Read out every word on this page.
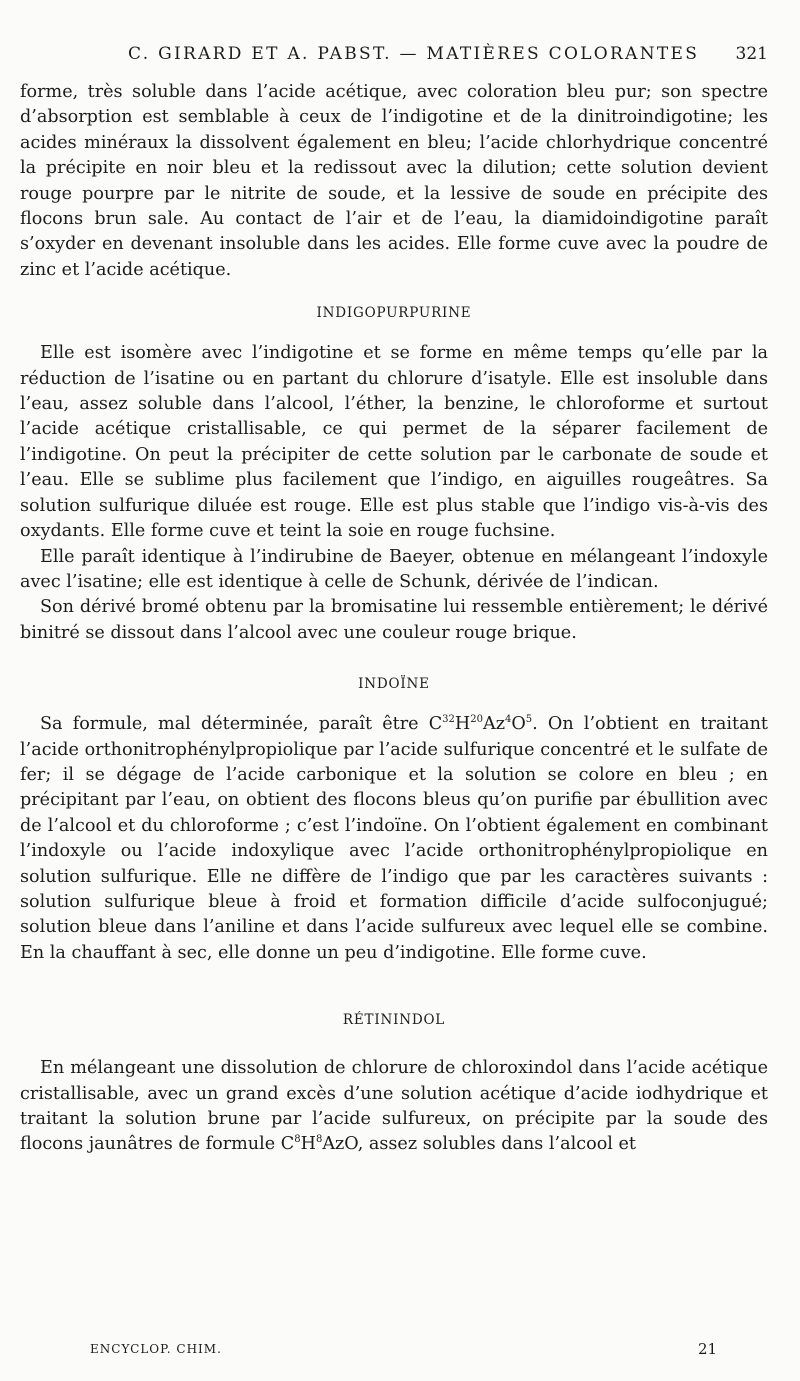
C. GIRARD ET A. PABST. — MATIÈRES COLORANTES 321

forme, très soluble dans l’acide acétique, avec coloration bleu pur; son spectre d’absorption est semblable à ceux de l’indigotine et de la dinitroindigotine; les acides minéraux la dissolvent également en bleu; l’acide chlorhydrique concentré la précipite en noir bleu et la redissout avec la dilution; cette solution devient rouge pourpre par le nitrite de soude, et la lessive de soude en précipite des flocons brun sale. Au contact de l’air et de l’eau, la diamidoindigotine paraît s’oxyder en devenant insoluble dans les acides. Elle forme cuve avec la poudre de zinc et l’acide acétique.

INDIGOPURPURINE

Elle est isomère avec l’indigotine et se forme en même temps qu’elle par la réduction de l’isatine ou en partant du chlorure d’isatyle. Elle est insoluble dans l’eau, assez soluble dans l’alcool, l’éther, la benzine, le chloroforme et surtout l’acide acétique cristallisable, ce qui permet de la séparer facilement de l’indigotine. On peut la précipiter de cette solution par le carbonate de soude et l’eau. Elle se sublime plus facilement que l’indigo, en aiguilles rougeâtres. Sa solution sulfurique diluée est rouge. Elle est plus stable que l’indigo vis-à-vis des oxydants. Elle forme cuve et teint la soie en rouge fuchsine.

Elle paraît identique à l’indirubine de Baeyer, obtenue en mélangeant l’indoxyle avec l’isatine; elle est identique à celle de Schunk, dérivée de l’indican.

Son dérivé bromé obtenu par la bromisatine lui ressemble entièrement; le dérivé binitré se dissout dans l’alcool avec une couleur rouge brique.

INDOÏNE

Sa formule, mal déterminée, paraît être $C^{32}H^{20}Az^4O^5$. On l’obtient en traitant l’acide orthonitrophénylpropiolique par l’acide sulfurique concentré et le sulfate de fer; il se dégage de l’acide carbonique et la solution se colore en bleu ; en précipitant par l’eau, on obtient des flocons bleus qu’on purifie par ébullition avec de l’alcool et du chloroforme ; c’est l’indoïne. On l’obtient également en combinant l’indoxyle ou l’acide indoxylique avec l’acide orthonitrophénylpropiolique en solution sulfurique. Elle ne diffère de l’indigo que par les caractères suivants : solution sulfurique bleue à froid et formation difficile d’acide sulfoconjugué; solution bleue dans l’aniline et dans l’acide sulfureux avec lequel elle se combine. En la chauffant à sec, elle donne un peu d’indigotine. Elle forme cuve.

RÉTININDOL

En mélangeant une dissolution de chlorure de chloroxindol dans l’acide acétique cristallisable, avec un grand excès d’une solution acétique d’acide iodhydrique et traitant la solution brune par l’acide sulfureux, on précipite par la soude des flocons jaunâtres de formule $C^8H^8AzO$, assez solubles dans l’alcool et

ENCYCLOP. CHIM.	21
